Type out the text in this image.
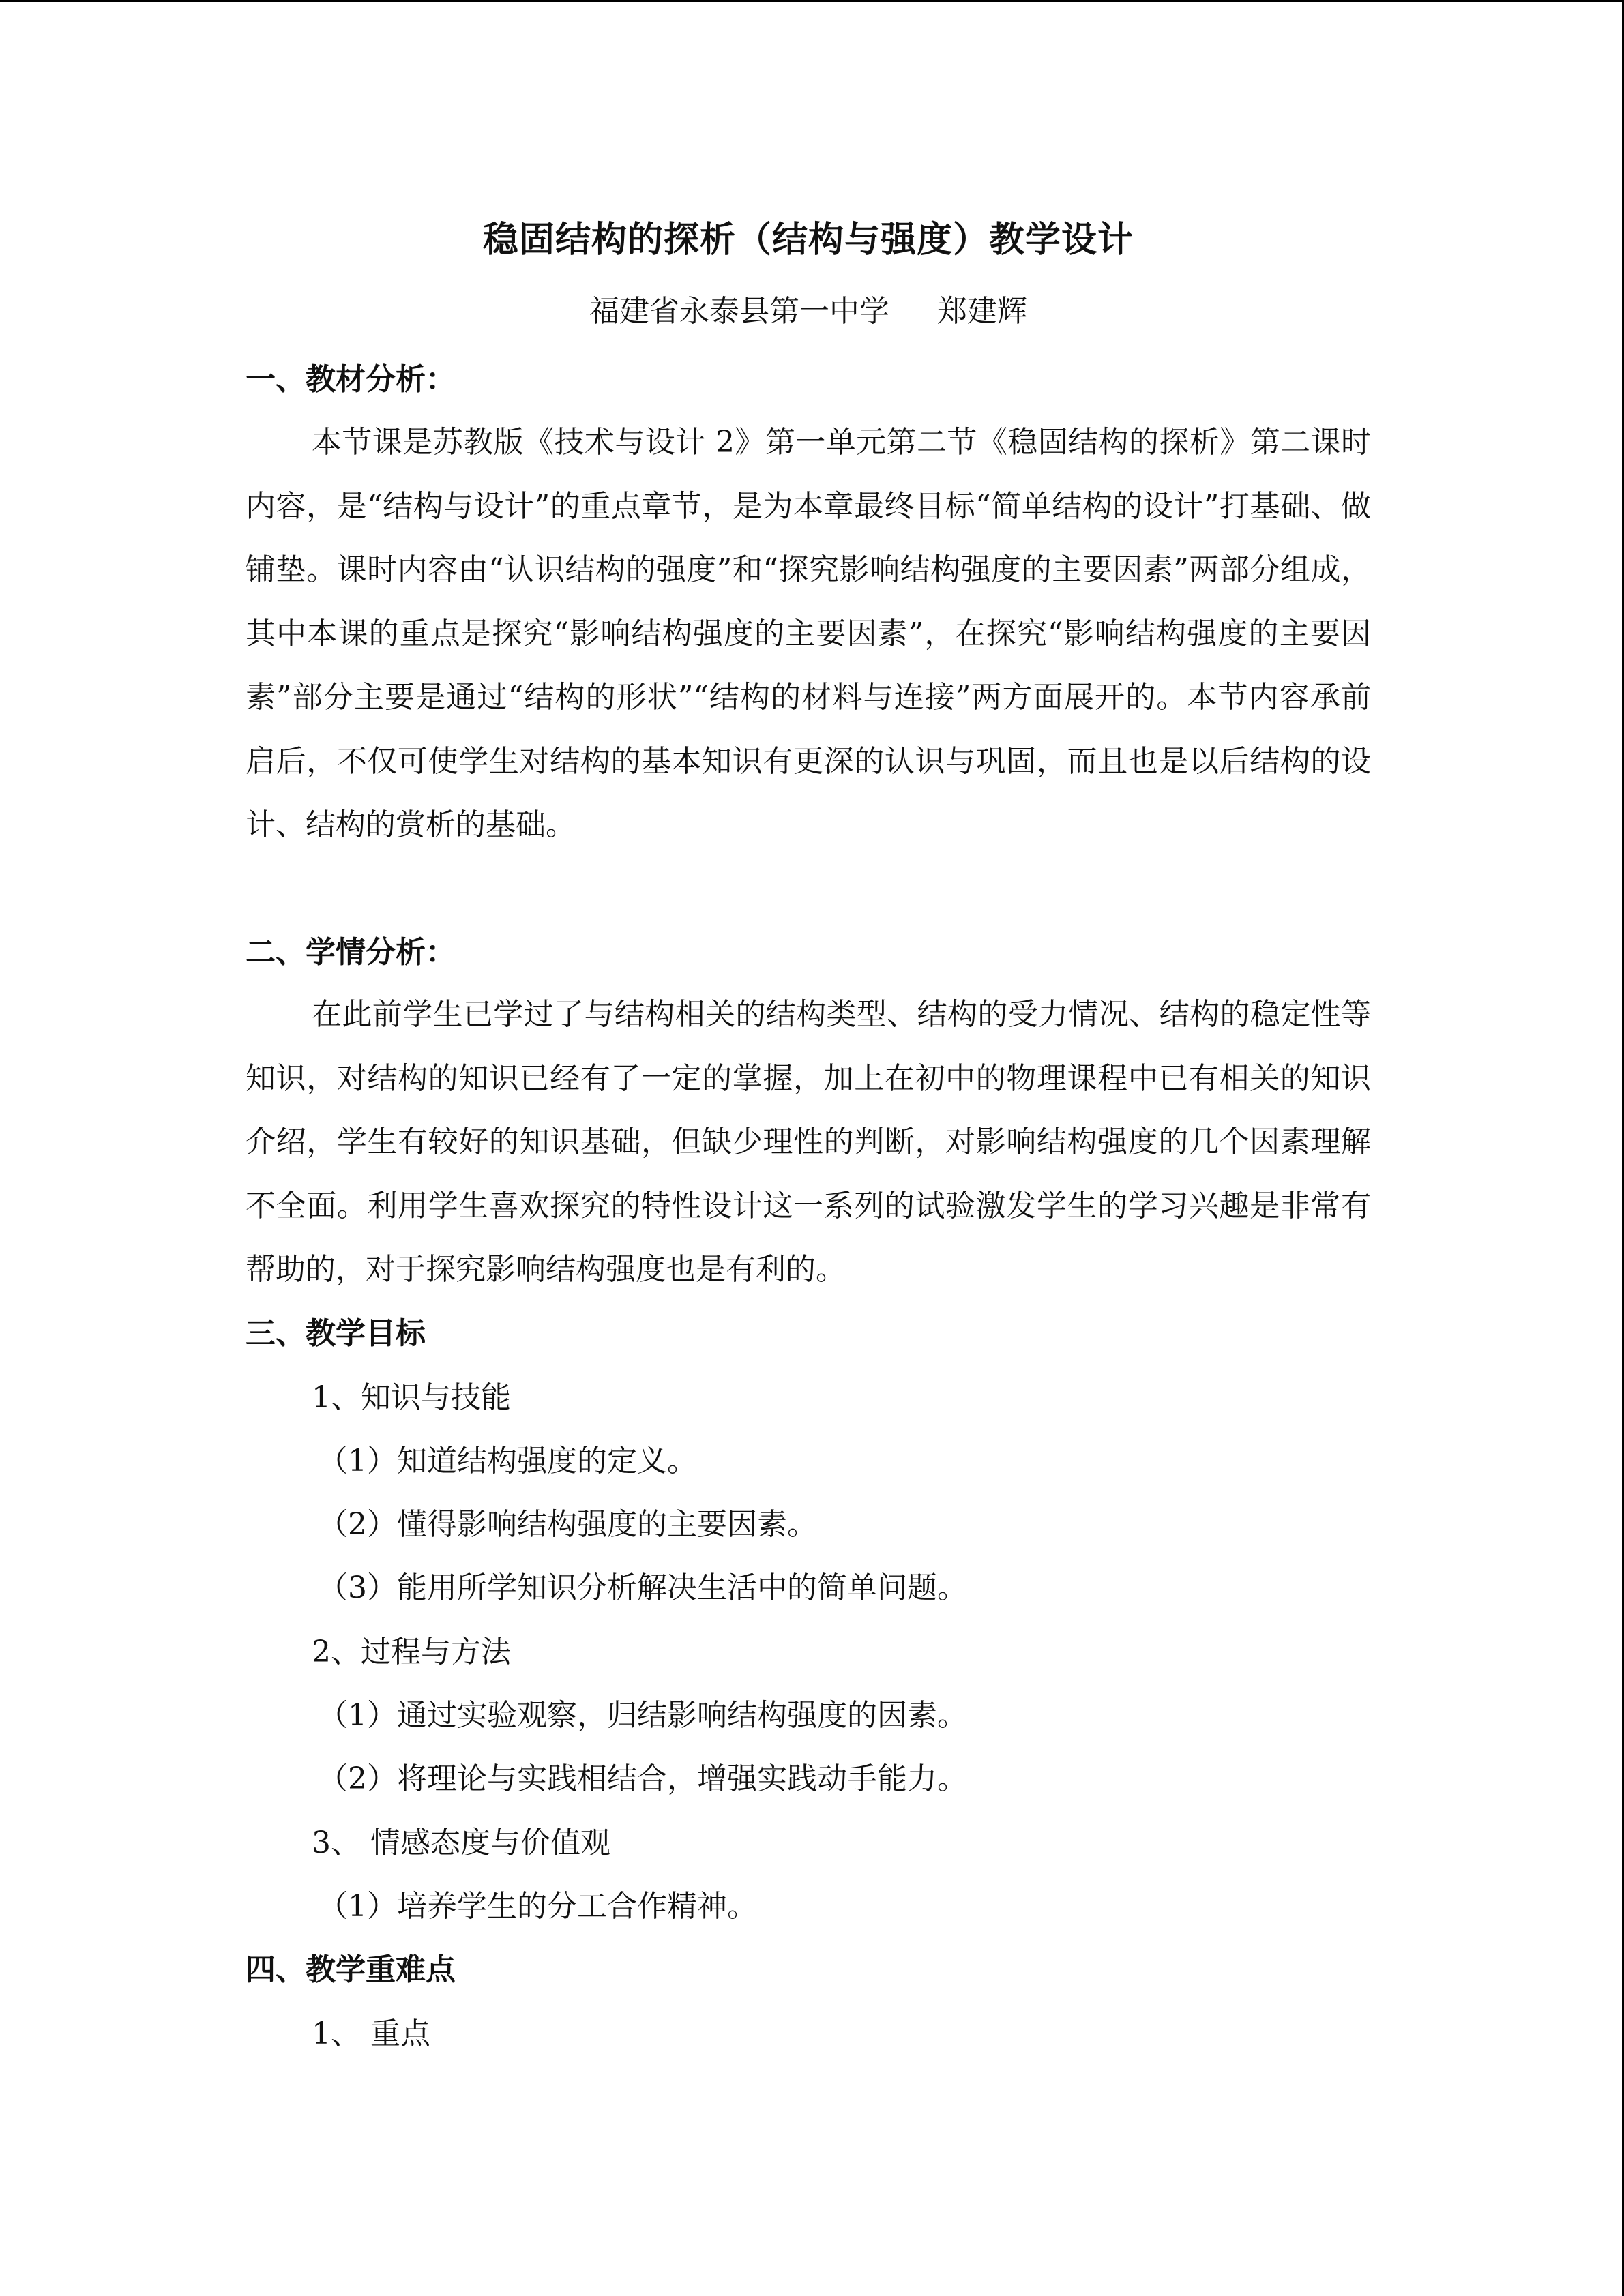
稳固结构的探析（结构与强度）教学设计
福建省永泰县第一中学 郑建辉
一、教材分析：
本节课是苏教版《技术与设计 2》第一单元第二节《稳固结构的探析》第二课时内容，是“结构与设计”的重点章节，是为本章最终目标“简单结构的设计”打基础、做铺垫。课时内容由“认识结构的强度”和“探究影响结构强度的主要因素”两部分组成，其中本课的重点是探究“影响结构强度的主要因素”，在探究“影响结构强度的主要因素”部分主要是通过“结构的形状”“结构的材料与连接”两方面展开的。本节内容承前启后，不仅可使学生对结构的基本知识有更深的认识与巩固，而且也是以后结构的设计、结构的赏析的基础。
二、学情分析：
在此前学生已学过了与结构相关的结构类型、结构的受力情况、结构的稳定性等知识，对结构的知识已经有了一定的掌握，加上在初中的物理课程中已有相关的知识介绍，学生有较好的知识基础，但缺少理性的判断，对影响结构强度的几个因素理解不全面。利用学生喜欢探究的特性设计这一系列的试验激发学生的学习兴趣是非常有帮助的，对于探究影响结构强度也是有利的。
三、教学目标
1、知识与技能
（1）知道结构强度的定义。
（2）懂得影响结构强度的主要因素。
（3）能用所学知识分析解决生活中的简单问题。
2、过程与方法
（1）通过实验观察，归结影响结构强度的因素。
（2）将理论与实践相结合，增强实践动手能力。
3、 情感态度与价值观
（1）培养学生的分工合作精神。
四、教学重难点
1、 重点
